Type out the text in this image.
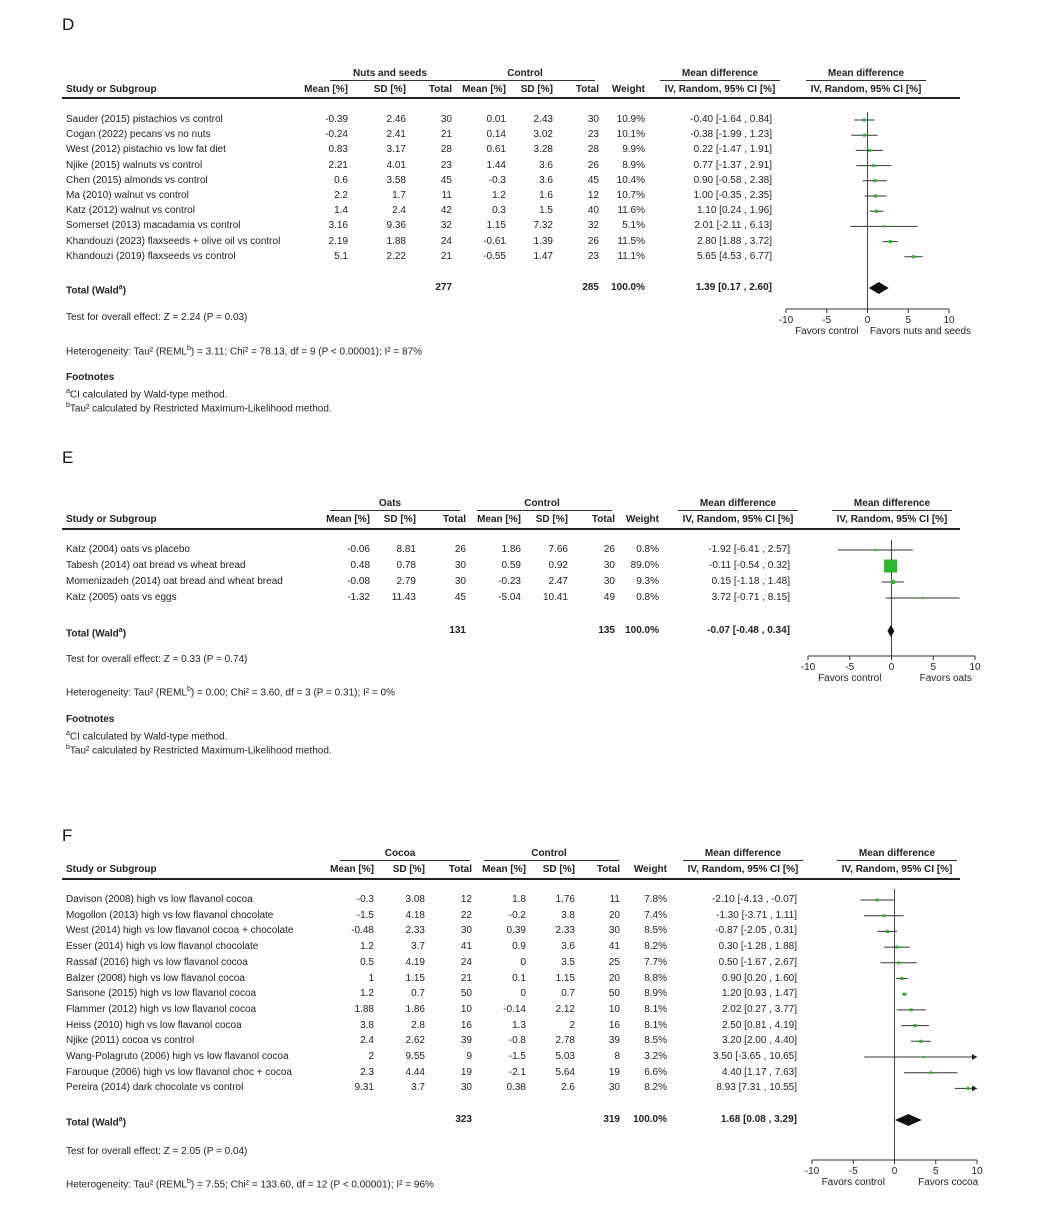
D
Nuts and seeds	Control	Mean difference	Mean difference
Study or Subgroup	Mean [%]	SD [%] Total Mean [%] SD [%] Total Weight	IV, Random, 95% CI [%]	IV, Random, 95% CI [%]
Sauder (2015) pistachios vs control	-0.39	2.46	30	0.01	2.43	30 10.9%	-0.40 [-1.64 , 0.84]
Cogan (2022) pecans vs no nuts	-0.24	2.41	21	0.14	3.02	23 10.1%	-0.38 [-1.99 , 1.23]
West (2012) pistachio vs low fat diet	0.83	3.17	28	0.61	3.28	28 9.9%	0.22 [-1.47 , 1.91]
Njike (2015) walnuts vs control	2.21	4.01	23	1.44	3.6	26 8.9%	0.77 [-1.37 , 2.91]
Chen (2015) almonds vs control	0.6	3.58	45	-0.3	3.6	45 10.4%	0.90 [-0.58 , 2.38]
Ma (2010) walnut vs control	2.2	1.7	11	1.2	1.6	12 10.7%	1.00 [-0.35 , 2.35]
Katz (2012) walnut vs control	1.4	2.4	42	0.3	1.5	40 11.6%	1.10 [0.24 , 1.96]
Somerset (2013) macadamia vs control	3.16	9.36	32	1.15	7.32	32 5.1%	2.01 [-2.11 , 6.13]
Khandouzi (2023) flaxseeds + olive oil vs control	2.19	1.88	24	-0.61	1.39	26 11.5%	2.80 [1.88 , 3.72]
Khandouzi (2019) flaxseeds vs control	5.1	2.22	21	-0.55	1.47	23 11.1%	5.65 [4.53 , 6.77]
Total (Wald$^a$)	277	285 100.0%	1.39 [0.17 , 2.60]
Test for overall effect: Z = 2.24 (P = 0.03)
Heterogeneity: Tau² $(REML^b) = 3.11$; Chi² = 78.13, df = 9 (P < 0.00001); I² = 87%
Footnotes
$^a$CI calculated by Wald-type method.
$^b$Tau² calculated by Restricted Maximum-Likelihood method.
-10	-5	0	5	10
Favors control Favors nuts and seeds
E
Oats	Control	Mean difference	Mean difference
Study or Subgroup	Mean [%] SD [%]	Total Mean [%] SD [%] Total Weight	IV, Random, 95% CI [%]	IV, Random, 95% CI [%]
Katz (2004) oats vs placebo	-0.06	8.81	26	1.86	7.66	26 0.8%	-1.92 [-6.41 , 2.57]
Tabesh (2014) oat bread vs wheat bread	0.48	0.78	30	0.59	0.92	30 89.0%	-0.11 [-0.54 , 0.32]
Momenizadeh (2014) oat bread and wheat bread	-0.08	2.79	30	-0.23	2.47	30 9.3%	0.15 [-1.18 , 1.48]
Katz (2005) oats vs eggs	-1.32 11.43	45	-5.04 10.41	49 0.8%	3.72 [-0.71 , 8.15]
Total (Wald$^a$)	131	135 100.0%	-0.07 [-0.48 , 0.34]
Test for overall effect: Z = 0.33 (P = 0.74)
Heterogeneity: Tau² $(REML^b) = 0.00$; Chi² = 3.60, df = 3 (P = 0.31); I² = 0%
Footnotes
$^a$CI calculated by Wald-type method.
$^b$Tau² calculated by Restricted Maximum-Likelihood method.
-10	-5	0	5	10
Favors control	Favors oats
F
Cocoa	Control	Mean difference	Mean difference
Study or Subgroup	Mean [%] SD [%] Total Mean [%] SD [%] Total Weight	IV, Random, 95% CI [%]	IV, Random, 95% CI [%]
Davison (2008) high vs low flavanol cocoa	-0.3	3.08	12	1.8	1.76	11 7.8%	-2.10 [-4.13 , -0.07]
Mogollon (2013) high vs low flavanol chocolate	-1.5	4.18	22	-0.2	3.8	20 7.4%	-1.30 [-3.71 , 1.11]
West (2014) high vs low flavanol cocoa + chocolate	-0.48	2.33	30	0.39	2.33	30 8.5%	-0.87 [-2.05 , 0.31]
Esser (2014) high vs low flavanol chocolate	1.2	3.7	41	0.9	3.6	41 8.2%	0.30 [-1.28 , 1.88]
Rassaf (2016) high vs low flavanol cocoa	0.5	4.19	24	0	3.5	25 7.7%	0.50 [-1.67 , 2.67]
Balzer (2008) high vs low flavanol cocoa	1	1.15	21	0.1	1.15	20 8.8%	0.90 [0.20 , 1.60]
Sansone (2015) high vs low flavanol cocoa	1.2	0.7	50	0	0.7	50 8.9%	1.20 [0.93 , 1.47]
Flammer (2012) high vs low flavanol cocoa	1.88	1.86	10	-0.14	2.12	10 8.1%	2.02 [0.27 , 3.77]
Heiss (2010) high vs low flavanol cocoa	3.8	2.8	16	1.3	2	16 8.1%	2.50 [0.81 , 4.19]
Njike (2011) cocoa vs control	2.4	2.62	39	-0.8	2.78	39 8.5%	3.20 [2.00 , 4.40]
Wang-Polagruto (2006) high vs low flavanol cocoa	2	9.55	9	-1.5	5.03	8 3.2%	3.50 [-3.65 , 10.65]
Farouque (2006) high vs low flavanol choc + cocoa	2.3	4.44	19	-2.1	5.64	19 6.6%	4.40 [1.17 , 7.63]
Pereira (2014) dark chocolate vs control	9.31	3.7	30	0.38	2.6	30 8.2%	8.93 [7.31 , 10.55]
Total (Wald$^a$)	323	319 100.0%	1.68 [0.08 , 3.29]
Test for overall effect: Z = 2.05 (P = 0.04)
Heterogeneity: Tau² $(REML^b) = 7.55$; Chi² = 133.60, df = 12 (P < 0.00001); I² = 96%
-10	-5	0	5	10
Favors control	Favors cocoa
